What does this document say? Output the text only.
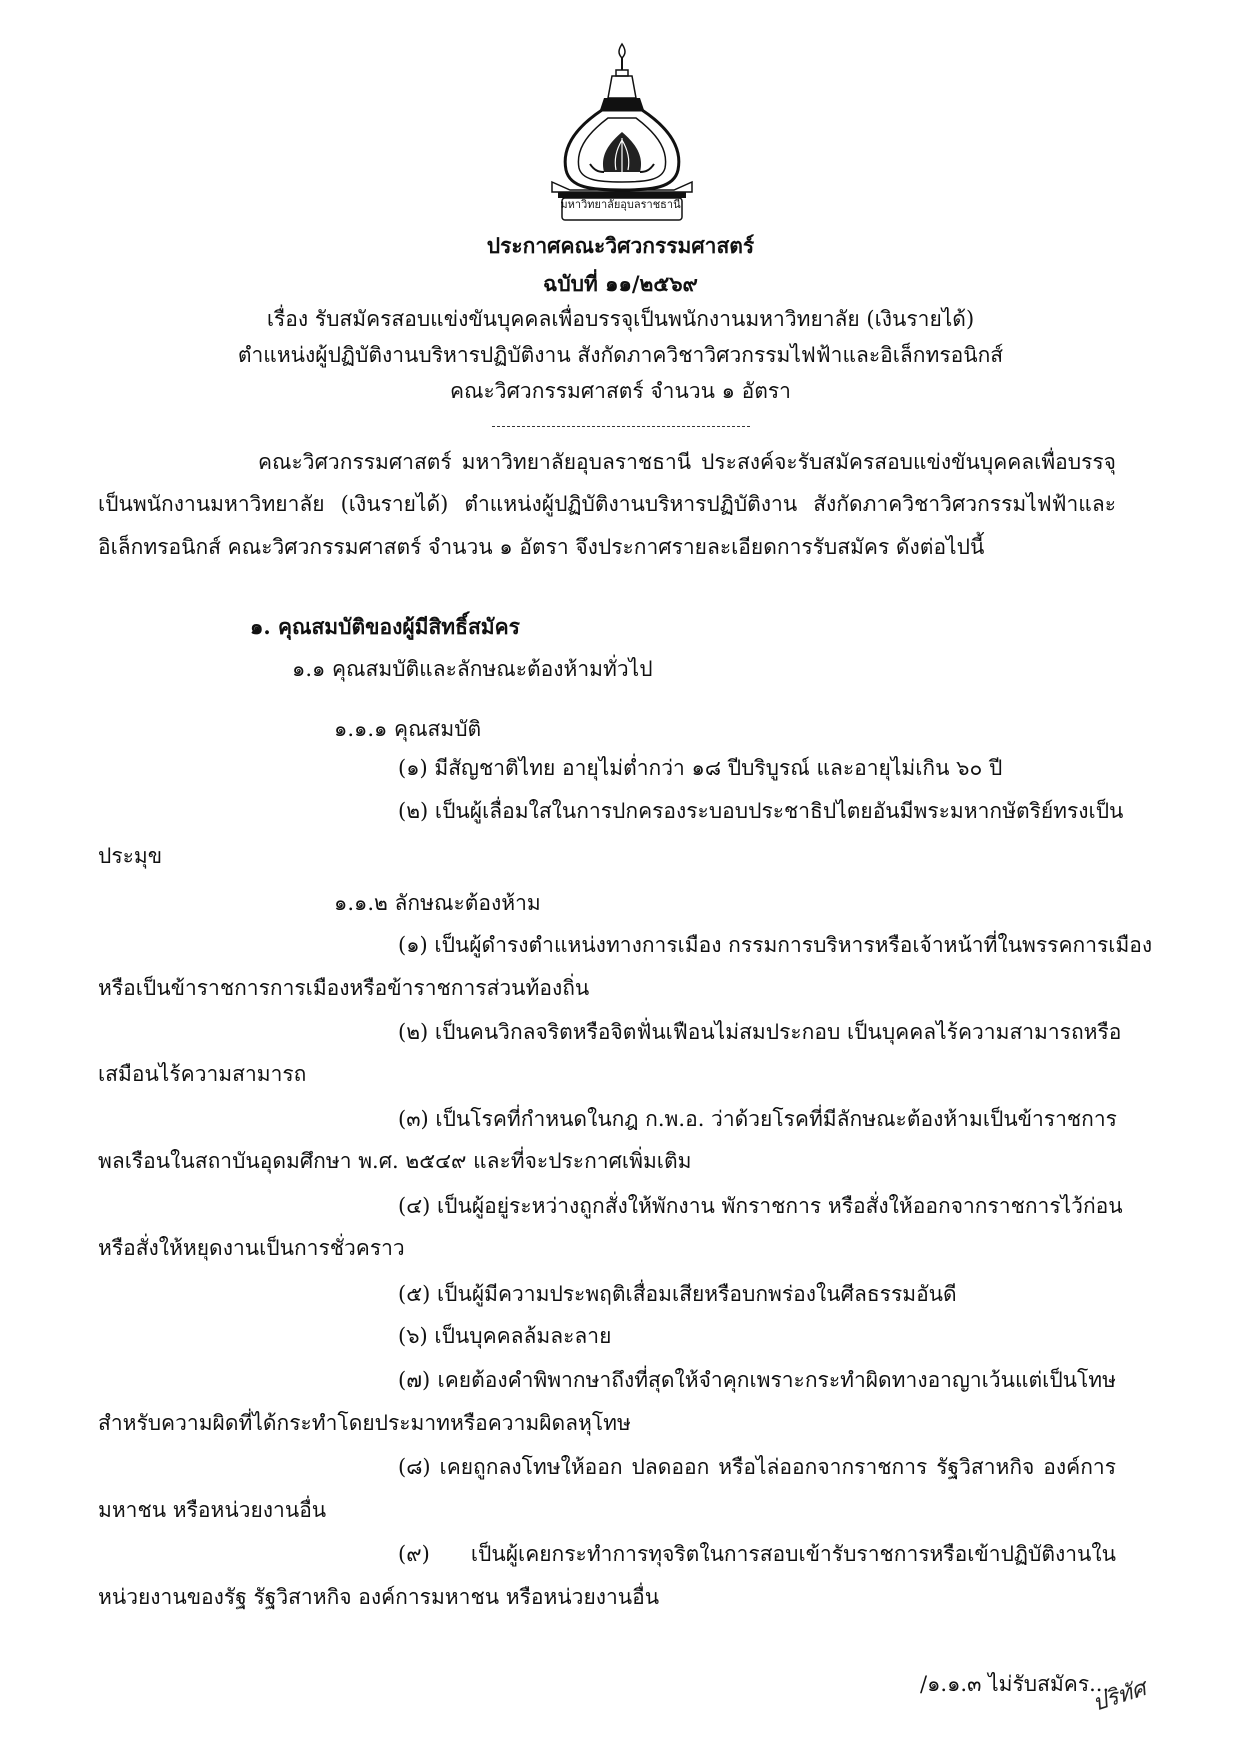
มหาวิทยาลัยอุบลราชธานี
ประกาศคณะวิศวกรรมศาสตร์
ฉบับที่ ๑๑/๒๕๖๙
เรื่อง รับสมัครสอบแข่งขันบุคคลเพื่อบรรจุเป็นพนักงานมหาวิทยาลัย (เงินรายได้)
ตำแหน่งผู้ปฏิบัติงานบริหารปฏิบัติงาน สังกัดภาควิชาวิศวกรรมไฟฟ้าและอิเล็กทรอนิกส์
คณะวิศวกรรมศาสตร์ จำนวน ๑ อัตรา
คณะวิศวกรรมศาสตร์ มหาวิทยาลัยอุบลราชธานี ประสงค์จะรับสมัครสอบแข่งขันบุคคลเพื่อบรรจุ
เป็นพนักงานมหาวิทยาลัย (เงินรายได้) ตำแหน่งผู้ปฏิบัติงานบริหารปฏิบัติงาน สังกัดภาควิชาวิศวกรรมไฟฟ้าและ
อิเล็กทรอนิกส์ คณะวิศวกรรมศาสตร์ จำนวน ๑ อัตรา จึงประกาศรายละเอียดการรับสมัคร ดังต่อไปนี้
๑. คุณสมบัติของผู้มีสิทธิ์สมัคร
๑.๑ คุณสมบัติและลักษณะต้องห้ามทั่วไป
๑.๑.๑ คุณสมบัติ
(๑) มีสัญชาติไทย อายุไม่ต่ำกว่า ๑๘ ปีบริบูรณ์ และอายุไม่เกิน ๖๐ ปี
(๒) เป็นผู้เลื่อมใสในการปกครองระบอบประชาธิปไตยอันมีพระมหากษัตริย์ทรงเป็น
ประมุข
๑.๑.๒ ลักษณะต้องห้าม
(๑) เป็นผู้ดำรงตำแหน่งทางการเมือง กรรมการบริหารหรือเจ้าหน้าที่ในพรรคการเมือง
หรือเป็นข้าราชการการเมืองหรือข้าราชการส่วนท้องถิ่น
(๒) เป็นคนวิกลจริตหรือจิตฟั่นเฟือนไม่สมประกอบ เป็นบุคคลไร้ความสามารถหรือ
เสมือนไร้ความสามารถ
(๓) เป็นโรคที่กำหนดในกฎ ก.พ.อ. ว่าด้วยโรคที่มีลักษณะต้องห้ามเป็นข้าราชการ
พลเรือนในสถาบันอุดมศึกษา พ.ศ. ๒๕๔๙ และที่จะประกาศเพิ่มเติม
(๔) เป็นผู้อยู่ระหว่างถูกสั่งให้พักงาน พักราชการ หรือสั่งให้ออกจากราชการไว้ก่อน
หรือสั่งให้หยุดงานเป็นการชั่วคราว
(๕) เป็นผู้มีความประพฤติเสื่อมเสียหรือบกพร่องในศีลธรรมอันดี
(๖) เป็นบุคคลล้มละลาย
(๗) เคยต้องคำพิพากษาถึงที่สุดให้จำคุกเพราะกระทำผิดทางอาญาเว้นแต่เป็นโทษ
สำหรับความผิดที่ได้กระทำโดยประมาทหรือความผิดลหุโทษ
(๘) เคยถูกลงโทษให้ออก ปลดออก หรือไล่ออกจากราชการ รัฐวิสาหกิจ องค์การ
มหาชน หรือหน่วยงานอื่น
(๙) เป็นผู้เคยกระทำการทุจริตในการสอบเข้ารับราชการหรือเข้าปฏิบัติงานใน
หน่วยงานของรัฐ รัฐวิสาหกิจ องค์การมหาชน หรือหน่วยงานอื่น
/๑.๑.๓ ไม่รับสมัคร...
ปริทัศ
